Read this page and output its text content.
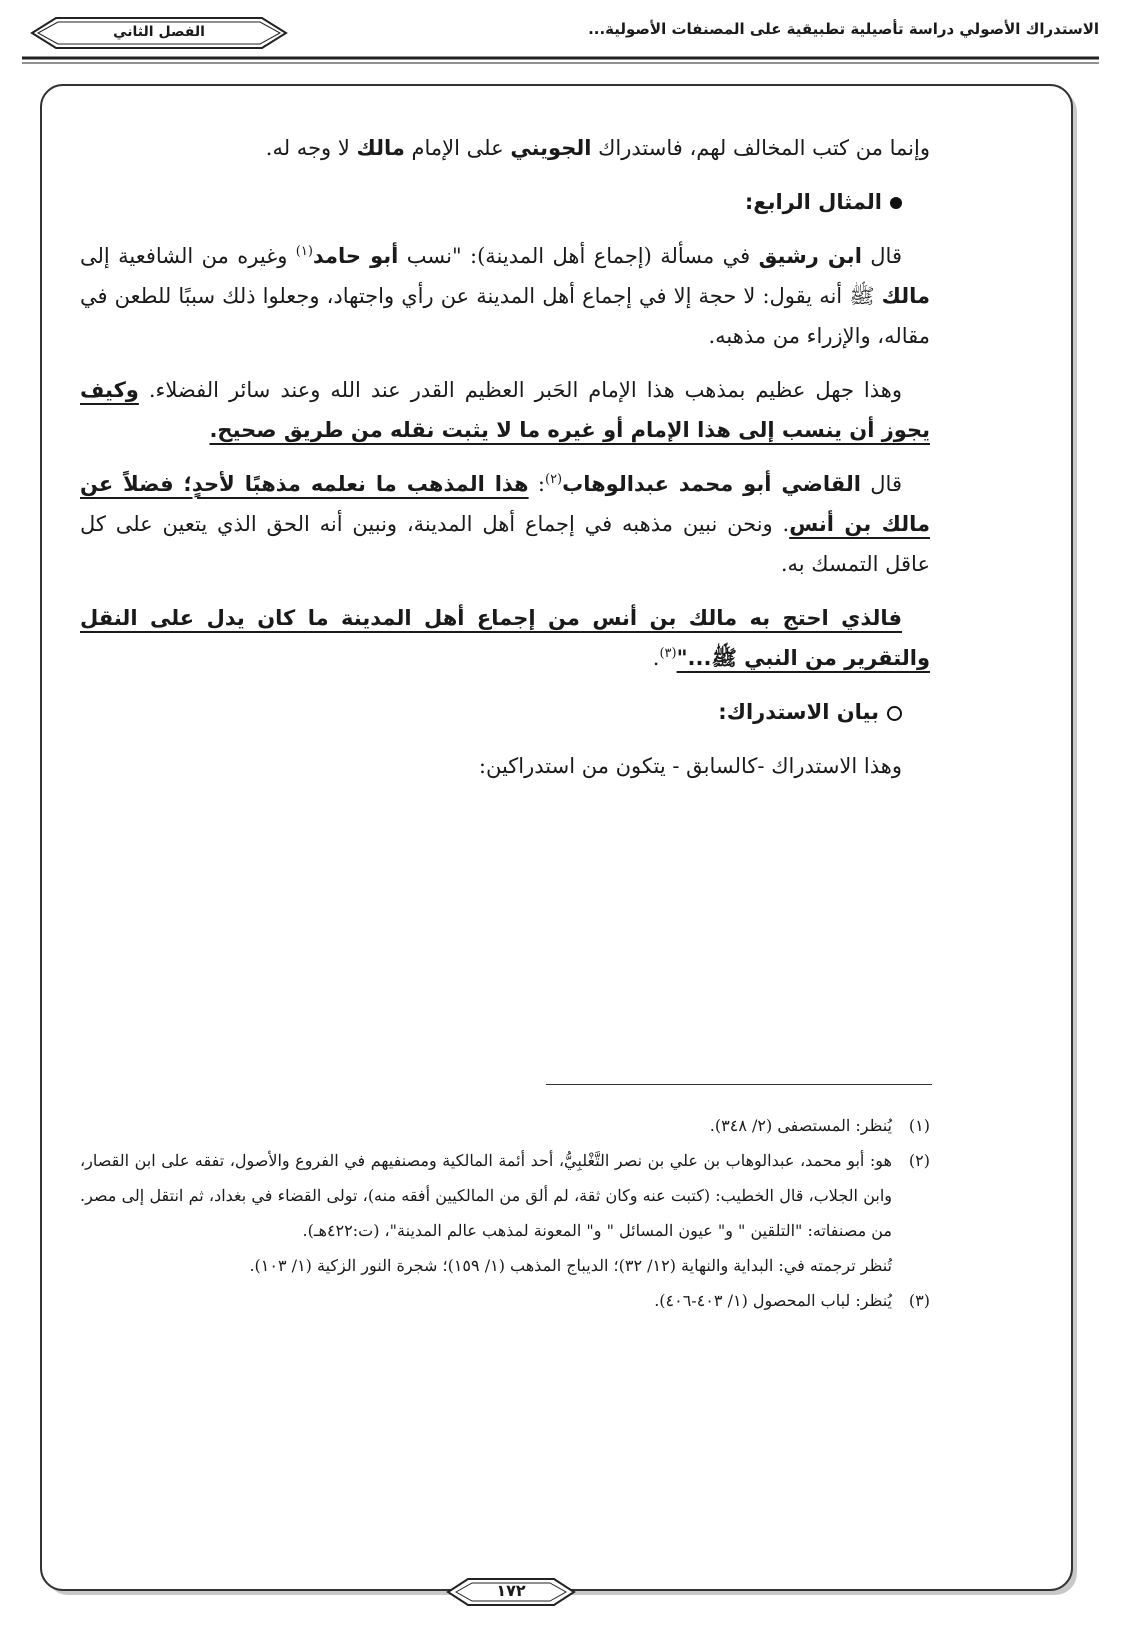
الاستدراك الأصولي دراسة تأصيلية تطبيقية على المصنفات الأصولية...
الفصل الثاني

وإنما من كتب المخالف لهم، فاستدراك الجويني على الإمام مالك لا وجه له.

المثال الرابع:

قال ابن رشيق في مسألة (إجماع أهل المدينة): "نسب أبو حامد$^{(١)}$ وغيره من الشافعية إلى مالك ﷺ أنه يقول: لا حجة إلا في إجماع أهل المدينة عن رأي واجتهاد، وجعلوا ذلك سببًا للطعن في مقاله، والإزراء من مذهبه.

وهذا جهل عظيم بمذهب هذا الإمام الحَبر العظيم القدر عند الله وعند سائر الفضلاء. وكيف يجوز أن ينسب إلى هذا الإمام أو غيره ما لا يثبت نقله من طريق صحيح.

قال القاضي أبو محمد عبدالوهاب$^{(٢)}$: هذا المذهب ما نعلمه مذهبًا لأحدٍ؛ فضلاً عن مالك بن أنس. ونحن نبين مذهبه في إجماع أهل المدينة، ونبين أنه الحق الذي يتعين على كل عاقل التمسك به.

فالذي احتج به مالك بن أنس من إجماع أهل المدينة ما كان يدل على النقل والتقرير من النبي ﷺ..."$^{(٣)}$.

بيان الاستدراك:

وهذا الاستدراك -كالسابق - يتكون من استدراكين:

(١)
يُنظر: المستصفى (٢/ ٣٤٨).
(٢)
هو: أبو محمد، عبدالوهاب بن علي بن نصر التَّغْلبِيُّ، أحد أئمة المالكية ومصنفيهم في الفروع والأصول، تفقه على ابن القصار، وابن الجلاب، قال الخطيب: (كتبت عنه وكان ثقة، لم ألق من المالكيين أفقه منه)، تولى القضاء في بغداد، ثم انتقل إلى مصر. من مصنفاته: "التلقين " و" عيون المسائل " و" المعونة لمذهب عالم المدينة"، (ت:٤٢٢هـ).

تُنظر ترجمته في: البداية والنهاية (١٢/ ٣٢)؛ الديباج المذهب (١/ ١٥٩)؛ شجرة النور الزكية (١/ ١٠٣).

(٣)
يُنظر: لباب المحصول (١/ ٤٠٣-٤٠٦).
١٧٢
